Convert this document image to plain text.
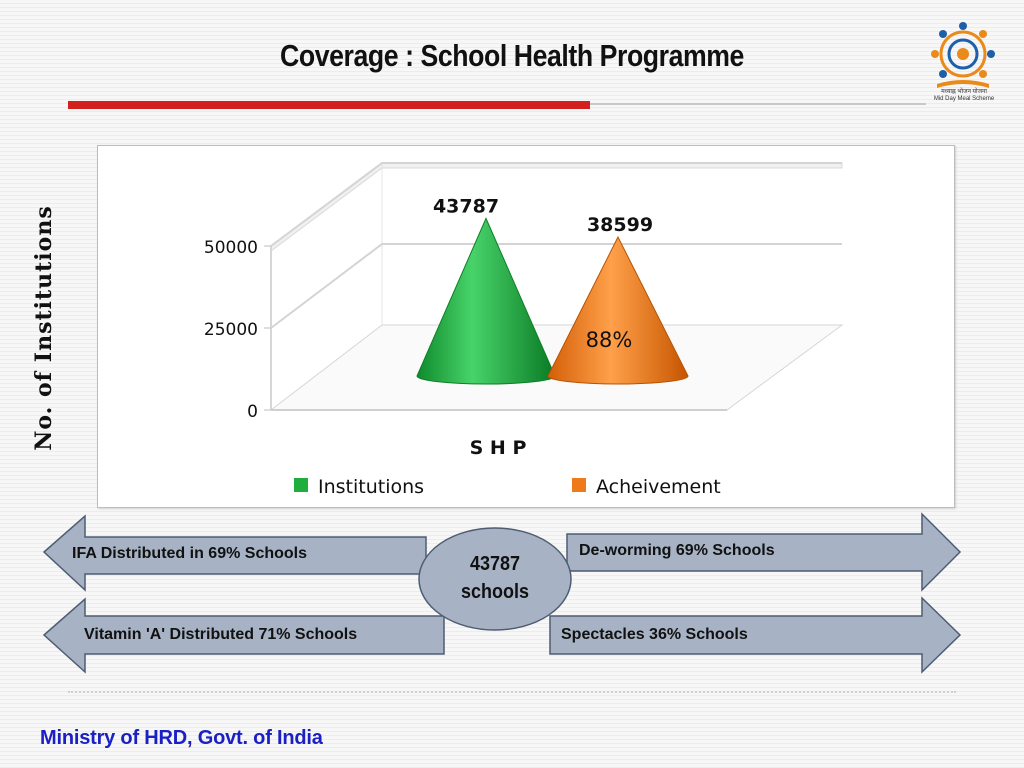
Coverage : School Health Programme
मध्याह्न भोजन योजना
Mid Day Meal Scheme
No. of Institutions	0
25000
50000
43787
38599
88%
S H P
Institutions	Acheivement
IFA Distributed in 69% Schools
Vitamin 'A' Distributed 71% Schools
De-worming 69% Schools
Spectacles 36% Schools
43787
schools
Ministry of HRD, Govt. of India
